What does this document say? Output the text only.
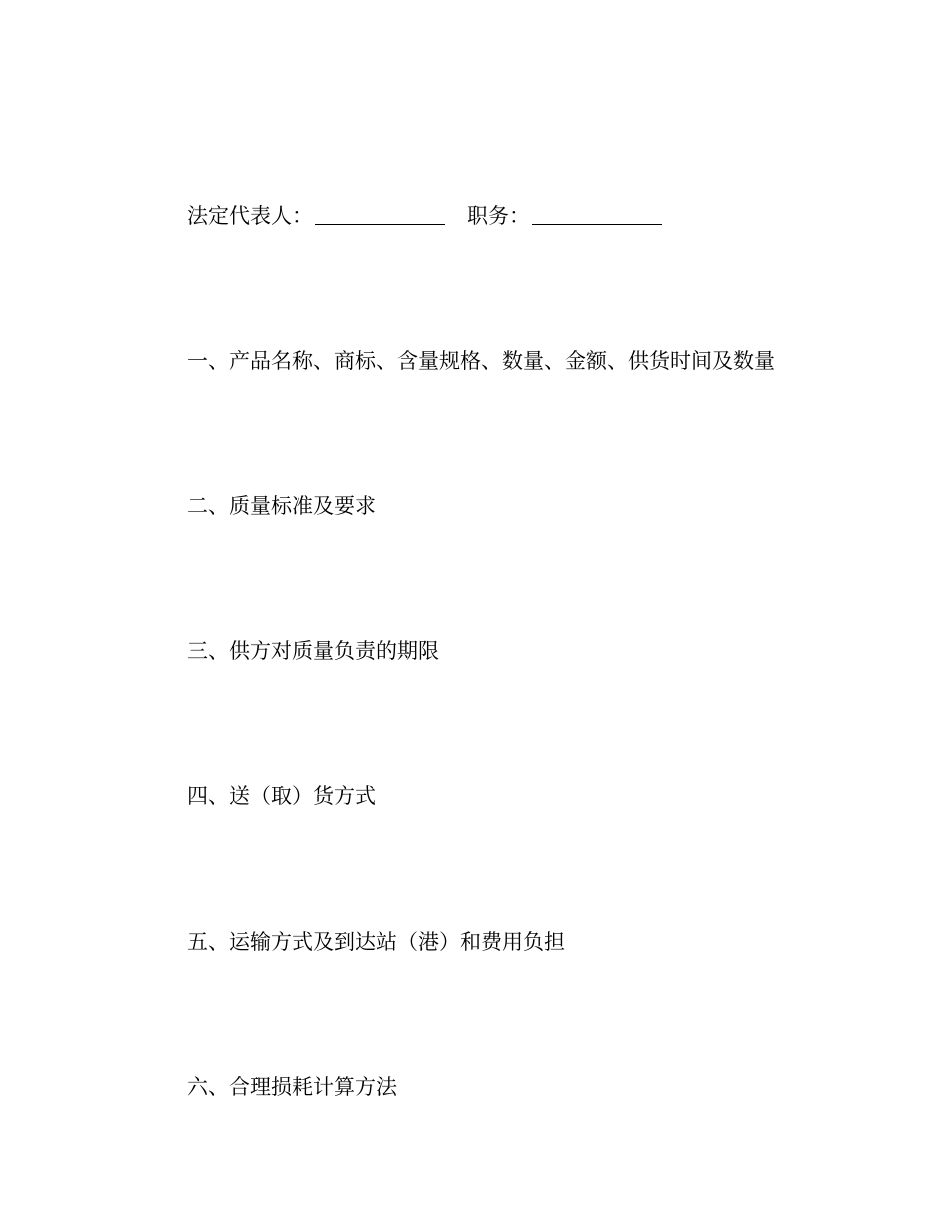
法定代表人：	职务：
一、产品名称、商标、含量规格、数量、金额、供货时间及数量
二、质量标准及要求
三、供方对质量负责的期限
四、送（取）货方式
五、运输方式及到达站（港）和费用负担
六、合理损耗计算方法
